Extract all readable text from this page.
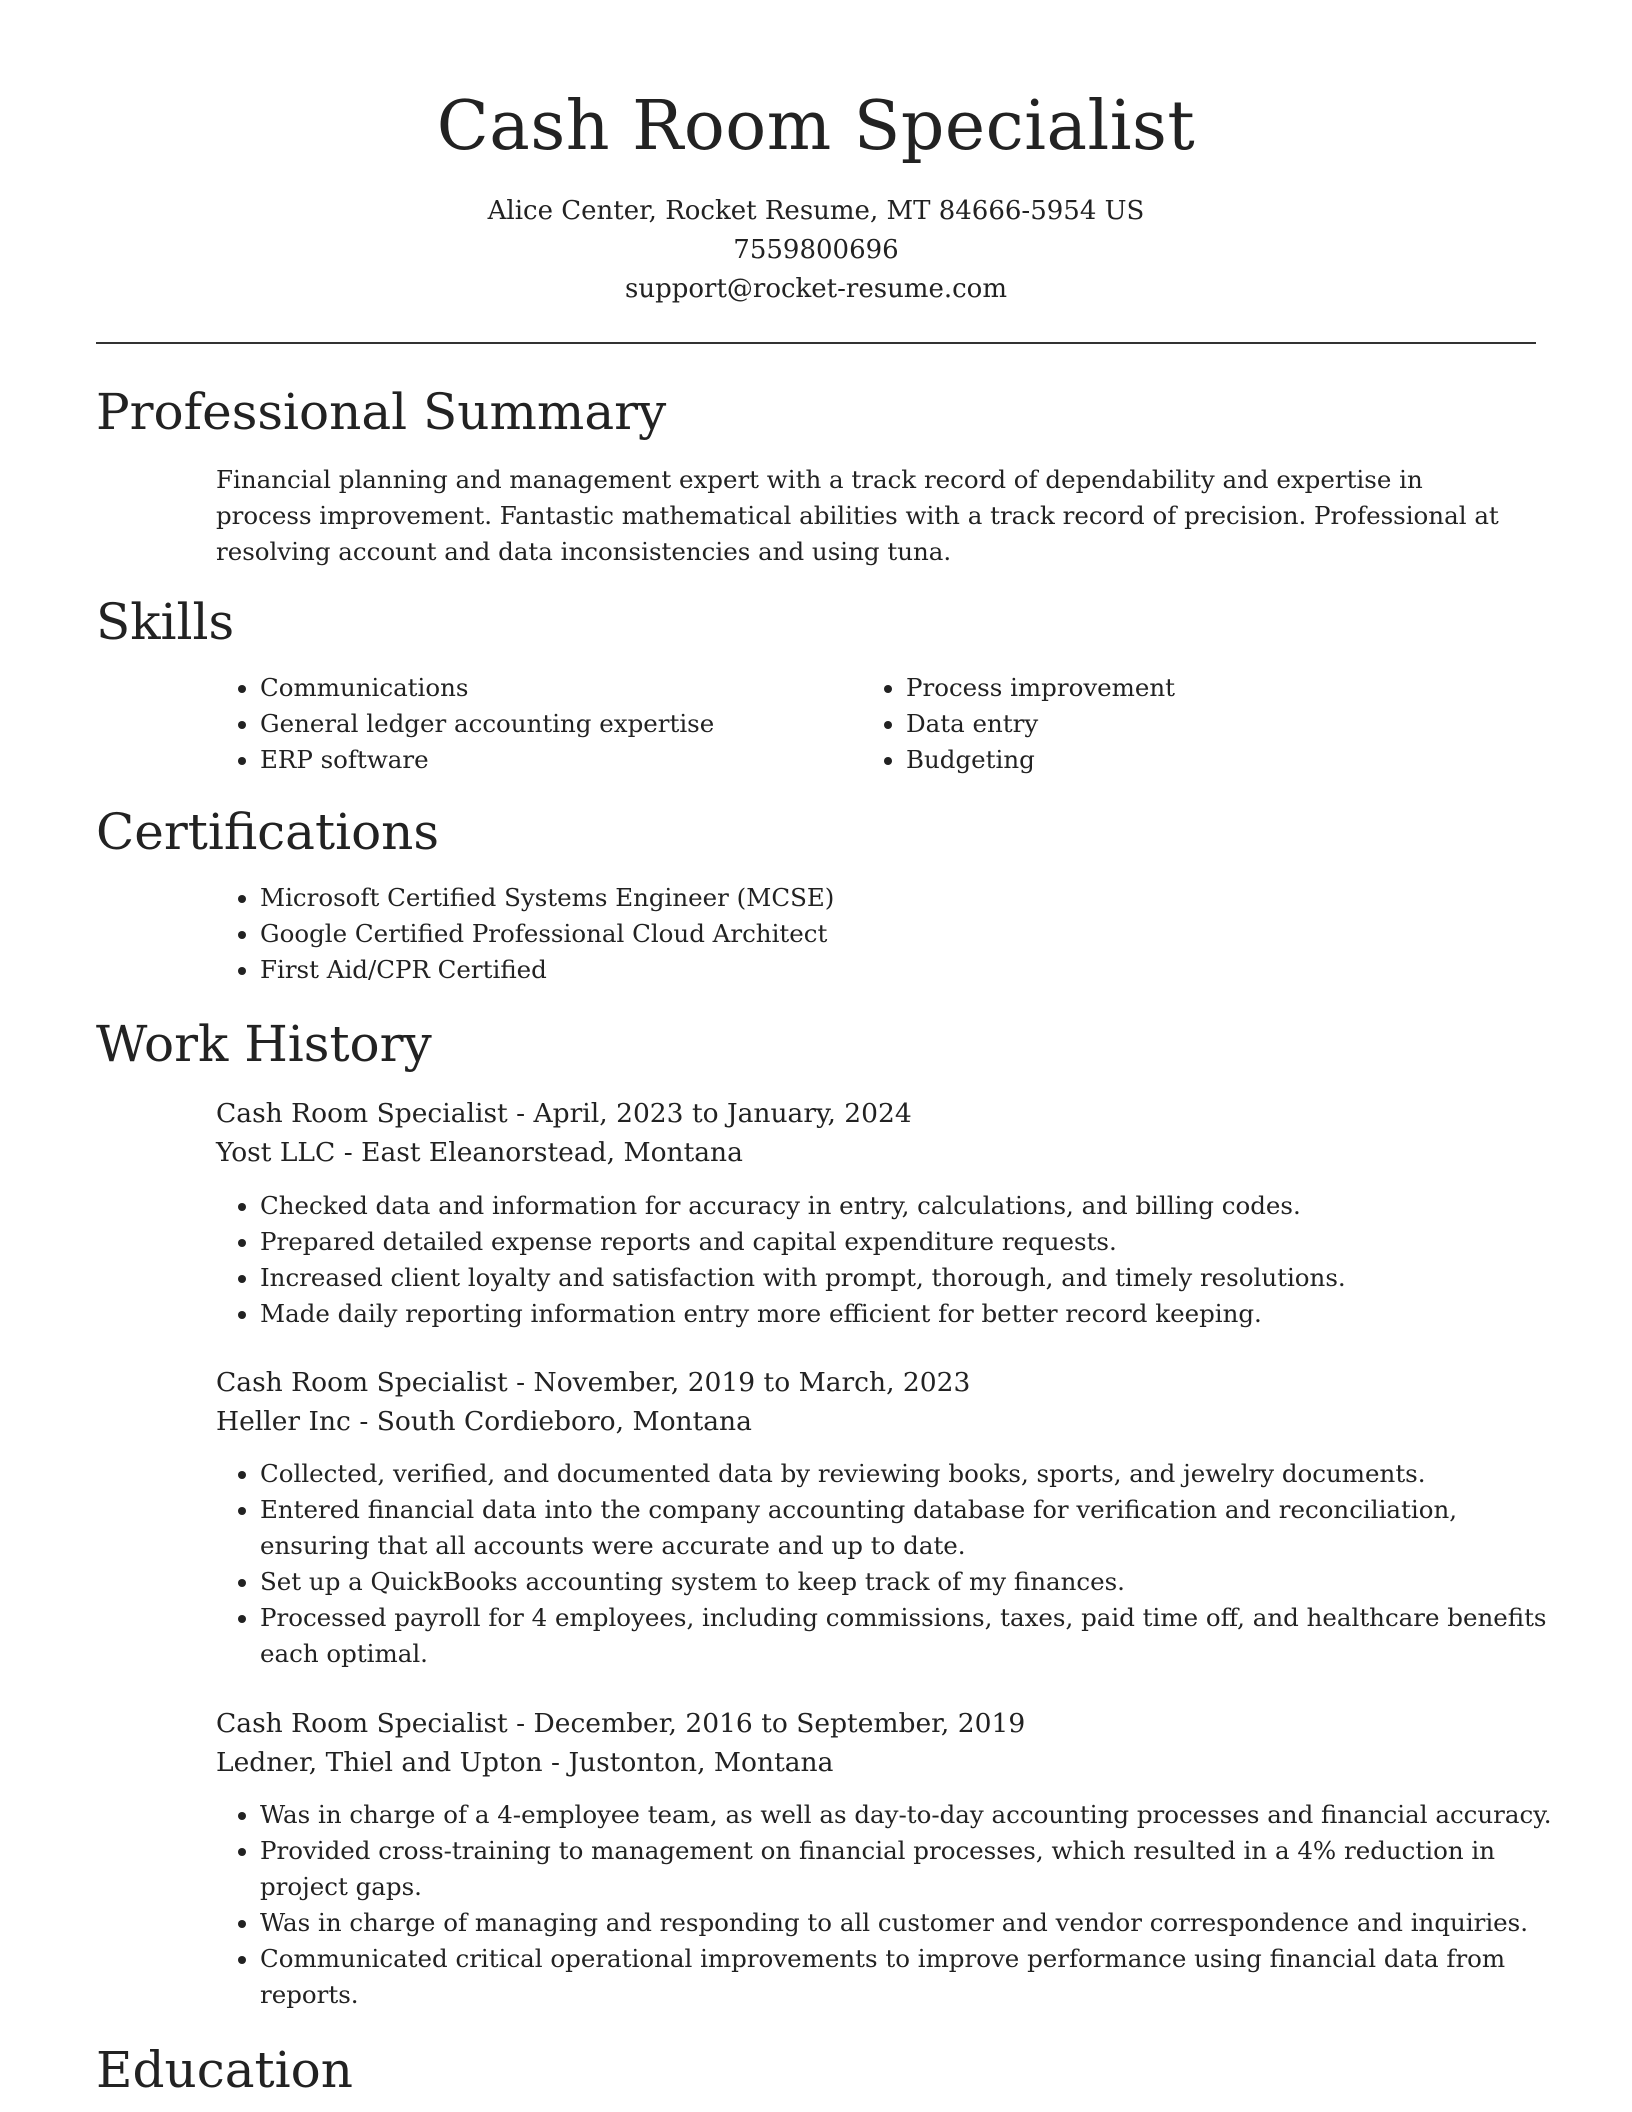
Cash Room Specialist
Alice Center, Rocket Resume, MT 84666-5954 US
7559800696
support@rocket-resume.com
Professional Summary

Financial planning and management expert with a track record of dependability and expertise in process improvement. Fantastic mathematical abilities with a track record of precision. Professional at resolving account and data inconsistencies and using tuna.

Skills
• Communications
• General ledger accounting expertise
• ERP software
• Process improvement
• Data entry
• Budgeting
Certifications
• Microsoft Certified Systems Engineer (MCSE)
• Google Certified Professional Cloud Architect
• First Aid/CPR Certified
Work History
Cash Room Specialist - April, 2023 to January, 2024
Yost LLC - East Eleanorstead, Montana
• Checked data and information for accuracy in entry, calculations, and billing codes.
• Prepared detailed expense reports and capital expenditure requests.
• Increased client loyalty and satisfaction with prompt, thorough, and timely resolutions.
• Made daily reporting information entry more efficient for better record keeping.
Cash Room Specialist - November, 2019 to March, 2023
Heller Inc - South Cordieboro, Montana
• Collected, verified, and documented data by reviewing books, sports, and jewelry documents.
• Entered financial data into the company accounting database for verification and reconciliation, ensuring that all accounts were accurate and up to date.
• Set up a QuickBooks accounting system to keep track of my finances.
• Processed payroll for 4 employees, including commissions, taxes, paid time off, and healthcare benefits each optimal.
Cash Room Specialist - December, 2016 to September, 2019
Ledner, Thiel and Upton - Justonton, Montana
• Was in charge of a 4-employee team, as well as day-to-day accounting processes and financial accuracy.
• Provided cross-training to management on financial processes, which resulted in a 4% reduction in project gaps.
• Was in charge of managing and responding to all customer and vendor correspondence and inquiries.
• Communicated critical operational improvements to improve performance using financial data from reports.
Education
